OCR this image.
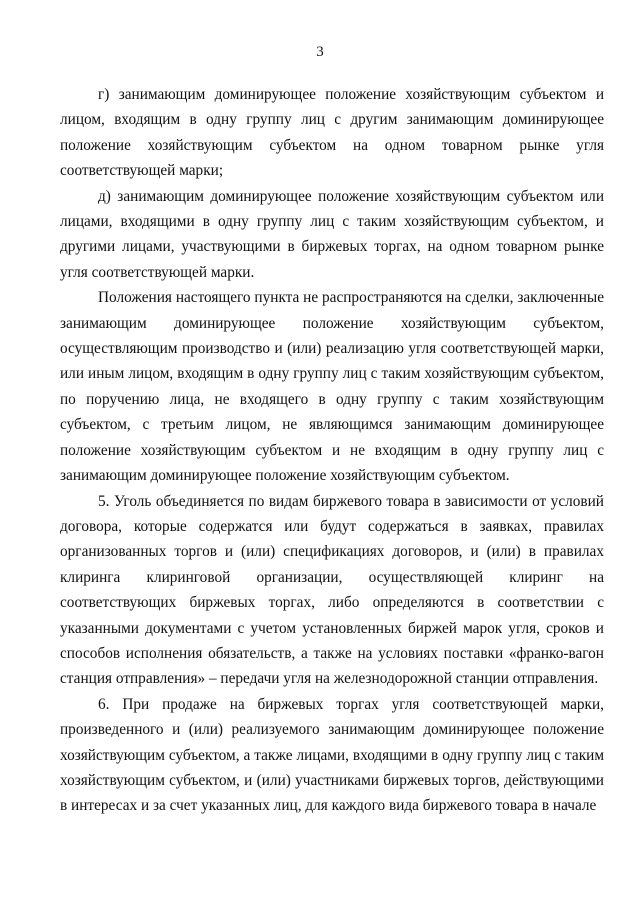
3

г) занимающим доминирующее положение хозяйствующим субъектом и лицом, входящим в одну группу лиц с другим занимающим доминирующее положение хозяйствующим субъектом на одном товарном рынке угля соответствующей марки;

д) занимающим доминирующее положение хозяйствующим субъектом или лицами, входящими в одну группу лиц с таким хозяйствующим субъектом, и другими лицами, участвующими в биржевых торгах, на одном товарном рынке угля соответствующей марки.

Положения настоящего пункта не распространяются на сделки, заключенные занимающим доминирующее положение хозяйствующим субъектом, осуществляющим производство и (или) реализацию угля соответствующей марки, или иным лицом, входящим в одну группу лиц с таким хозяйствующим субъектом, по поручению лица, не входящего в одну группу с таким хозяйствующим субъектом, с третьим лицом, не являющимся занимающим доминирующее положение хозяйствующим субъектом и не входящим в одну группу лиц с занимающим доминирующее положение хозяйствующим субъектом.

5. Уголь объединяется по видам биржевого товара в зависимости от условий договора, которые содержатся или будут содержаться в заявках, правилах организованных торгов и (или) спецификациях договоров, и (или) в правилах клиринга клиринговой организации, осуществляющей клиринг на соответствующих биржевых торгах, либо определяются в соответствии с указанными документами с учетом установленных биржей марок угля, сроков и способов исполнения обязательств, а также на условиях поставки «франко-вагон станция отправления» – передачи угля на железнодорожной станции отправления.

6. При продаже на биржевых торгах угля соответствующей марки, произведенного и (или) реализуемого занимающим доминирующее положение хозяйствующим субъектом, а также лицами, входящими в одну группу лиц с таким хозяйствующим субъектом, и (или) участниками биржевых торгов, действующими в интересах и за счет указанных лиц, для каждого вида биржевого товара в начале
